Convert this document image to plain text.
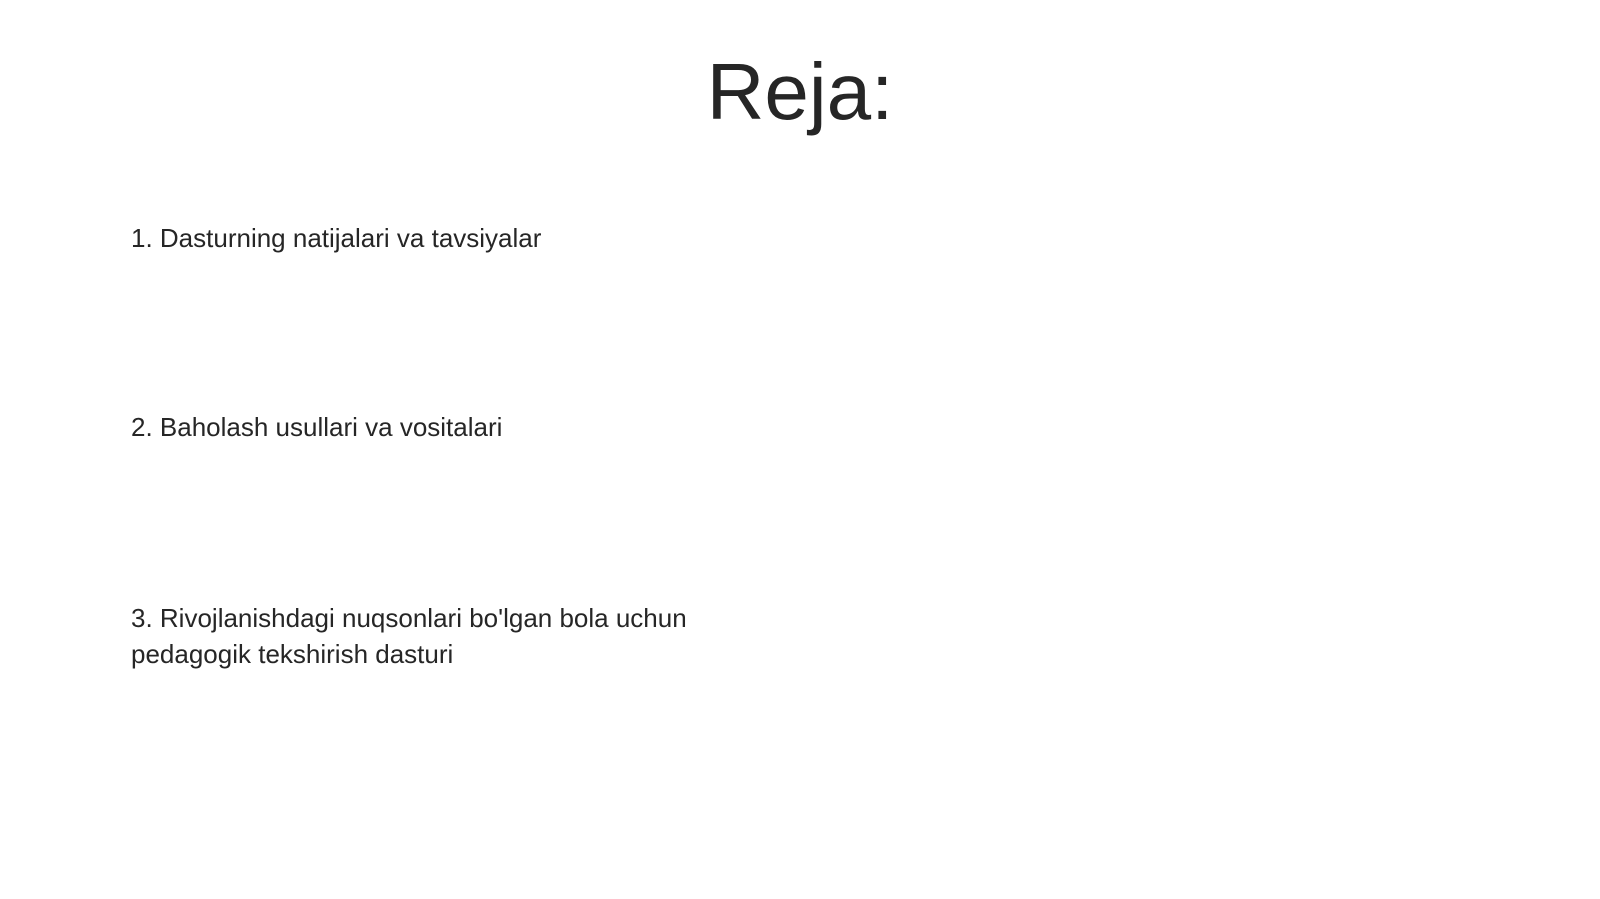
Reja:
1. Dasturning natijalari va tavsiyalar
2. Baholash usullari va vositalari
3. Rivojlanishdagi nuqsonlari bo'lgan bola uchun pedagogik tekshirish dasturi
